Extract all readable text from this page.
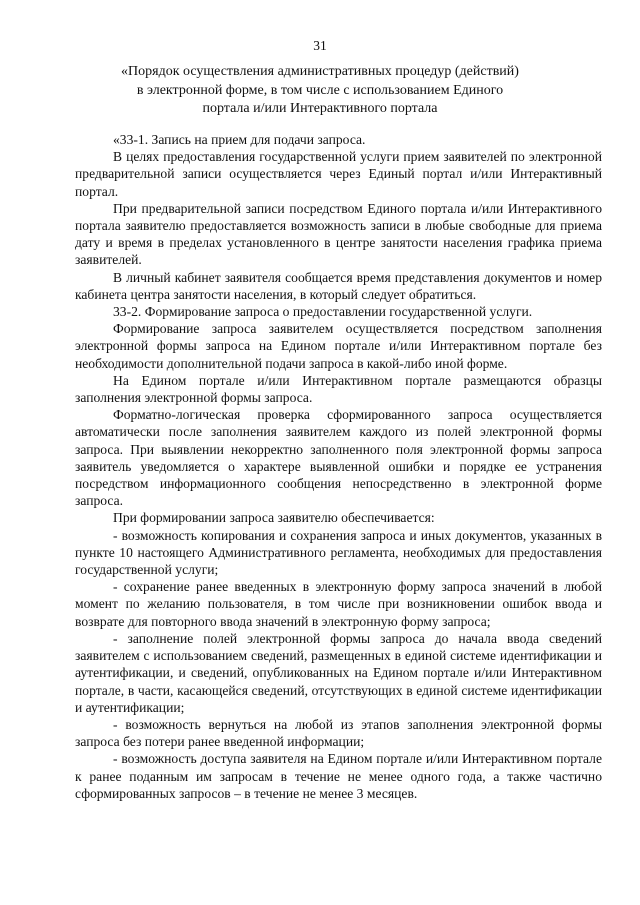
31
«Порядок осуществления административных процедур (действий)
в электронной форме, в том числе с использованием Единого
портала и/или Интерактивного портала

«33-1. Запись на прием для подачи запроса.

В целях предоставления государственной услуги прием заявителей по электронной предварительной записи осуществляется через Единый портал и/или Интерактивный портал.

При предварительной записи посредством Единого портала и/или Интерактивного портала заявителю предоставляется возможность записи в любые свободные для приема дату и время в пределах установленного в центре занятости населения графика приема заявителей.

В личный кабинет заявителя сообщается время представления документов и номер кабинета центра занятости населения, в который следует обратиться.

33-2. Формирование запроса о предоставлении государственной услуги.

Формирование запроса заявителем осуществляется посредством заполнения электронной формы запроса на Едином портале и/или Интерактивном портале без необходимости дополнительной подачи запроса в какой-либо иной форме.

На Едином портале и/или Интерактивном портале размещаются образцы заполнения электронной формы запроса.

Форматно-логическая проверка сформированного запроса осуществляется автоматически после заполнения заявителем каждого из полей электронной формы запроса. При выявлении некорректно заполненного поля электронной формы запроса заявитель уведомляется о характере выявленной ошибки и порядке ее устранения посредством информационного сообщения непосредственно в электронной форме запроса.

При формировании запроса заявителю обеспечивается:

- возможность копирования и сохранения запроса и иных документов, указанных в пункте 10 настоящего Административного регламента, необходимых для предоставления государственной услуги;

- сохранение ранее введенных в электронную форму запроса значений в любой момент по желанию пользователя, в том числе при возникновении ошибок ввода и возврате для повторного ввода значений в электронную форму запроса;

- заполнение полей электронной формы запроса до начала ввода сведений заявителем с использованием сведений, размещенных в единой системе идентификации и аутентификации, и сведений, опубликованных на Едином портале и/или Интерактивном портале, в части, касающейся сведений, отсутствующих в единой системе идентификации и аутентификации;

- возможность вернуться на любой из этапов заполнения электронной формы запроса без потери ранее введенной информации;

- возможность доступа заявителя на Едином портале и/или Интерактивном портале к ранее поданным им запросам в течение не менее одного года, а также частично сформированных запросов – в течение не менее 3 месяцев.
